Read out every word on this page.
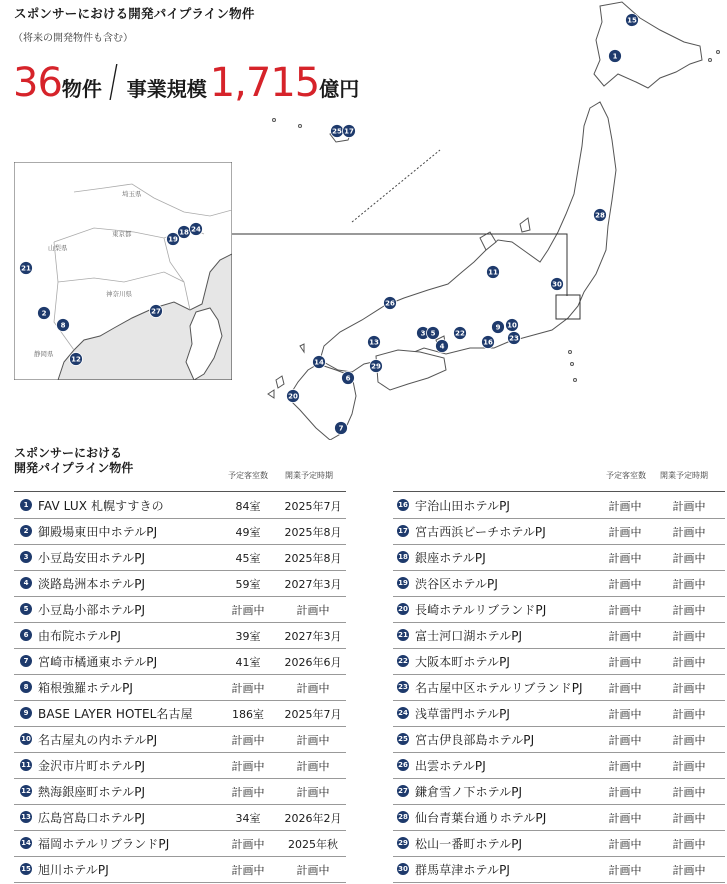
スポンサーにおける開発パイプライン物件
（将来の開発物件も含む）
36物件 / 事業規模1,715億円
15
1
25 17
28
11
30
26
3 5	22
9 10
16 23
4
13
14	29
6
20
7
埼玉県
東京都
山梨県
神奈川県
静岡県
21
19
18 24
2
8
27
12
スポンサーにおける
開発パイプライン物件
予定客室数 開業予定時期	予定客室数 開業予定時期
1 FAV LUX 札幌すすきの	84室	2025年7月
2 御殿場東田中ホテルPJ	49室	2025年8月
3 小豆島安田ホテルPJ	45室	2025年8月
4 淡路島洲本ホテルPJ	59室	2027年3月
5 小豆島小部ホテルPJ	計画中	計画中
6 由布院ホテルPJ	39室	2027年3月
7 宮崎市橘通東ホテルPJ	41室	2026年6月
8 箱根強羅ホテルPJ	計画中	計画中
9 BASE LAYER HOTEL名古屋	186室	2025年7月
10 名古屋丸の内ホテルPJ	計画中	計画中
11 金沢市片町ホテルPJ	計画中	計画中
12 熱海銀座町ホテルPJ	計画中	計画中
13 広島宮島口ホテルPJ	34室	2026年2月
14 福岡ホテルリブランドPJ	計画中	2025年秋
15 旭川ホテルPJ	計画中	計画中
16 宇治山田ホテルPJ	計画中	計画中
17 宮古西浜ビーチホテルPJ	計画中	計画中
18 銀座ホテルPJ	計画中	計画中
19 渋谷区ホテルPJ	計画中	計画中
20 長崎ホテルリブランドPJ	計画中	計画中
21 富士河口湖ホテルPJ	計画中	計画中
22 大阪本町ホテルPJ	計画中	計画中
23 名古屋中区ホテルリブランドPJ	計画中	計画中
24 浅草雷門ホテルPJ	計画中	計画中
25 宮古伊良部島ホテルPJ	計画中	計画中
26 出雲ホテルPJ	計画中	計画中
27 鎌倉雪ノ下ホテルPJ	計画中	計画中
28 仙台青葉台通りホテルPJ	計画中	計画中
29 松山一番町ホテルPJ	計画中	計画中
30 群馬草津ホテルPJ	計画中	計画中
